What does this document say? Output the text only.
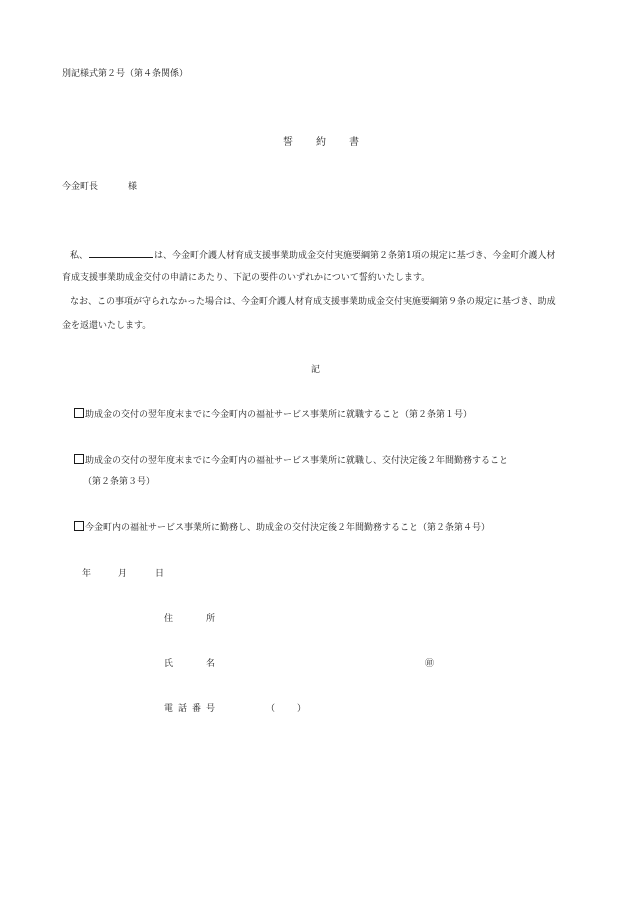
別記様式第２号（第４条関係）
誓 約 書
今金町長	様
私、	は、今金町介護人材育成支援事業助成金交付実施要綱第２条第1項の規定に基づき、今金町介護人材
育成支援事業助成金交付の申請にあたり、下記の要件のいずれかについて誓約いたします。
なお、この事項が守られなかった場合は、今金町介護人材育成支援事業助成金交付実施要綱第９条の規定に基づき、助成
金を返還いたします。
記
助成金の交付の翌年度末までに今金町内の福祉サービス事業所に就職すること（第２条第１号）
助成金の交付の翌年度末までに今金町内の福祉サービス事業所に就職し、交付決定後２年間勤務すること
（第２条第３号）
今金町内の福祉サービス事業所に勤務し、助成金の交付決定後２年間勤務すること（第２条第４号）
年	月	日
住	所
氏	名	㊞
電 話 番 号	（ ）
